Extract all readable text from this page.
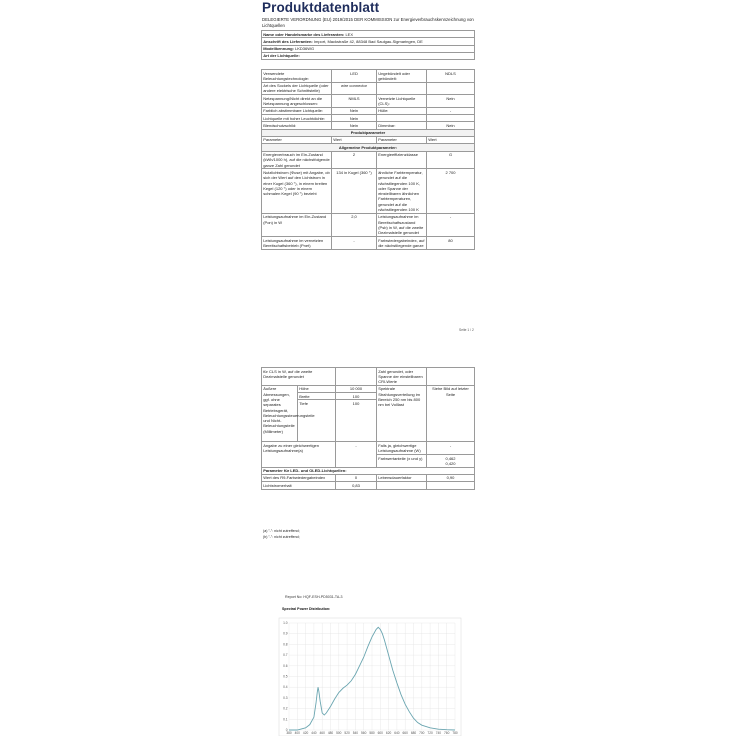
Produktdatenblatt
DELEGIERTE VERORDNUNG (EU) 2019/2015 DER KOMMISSION zur Energieverbrauchskennzeichnung von Lichtquellen
Name oder Handelsmarke des Lieferanten: LEX
Anschrift des Lieferanten: Import, Mackstraße 42, 88348 Bad Saulgau-Sigmaringen, DE
Modellkennung: LKD36WG
Art der Lichtquelle:
Verwendete Beleuchtungstechnologie:	LED	Ungebündelt oder gebündelt:	NDLS
Art des Sockels der Lichtquelle (oder andere elektrische Schnittstelle)	wire connector		
Netzspannung/Nicht direkt an die Netzspannung angeschlossen:	NMLS	Vernetzte Lichtquelle (CLS):	Nein
Farblich abstimmbare Lichtquelle:	Nein	Hülle:	-
Lichtquelle mit hoher Leuchtdichte:	Nein		
Blendschutzschild:	Nein	Dimmbar:	Nein
Produktparameter			
Parameter	Wert	Parameter	Wert
Allgemeine Produktparameter:			
Energieverbrauch im Ein-Zustand (kWh/1000 h), auf die nächstfolgende ganze Zahl gerundet	2	Energieeffizienzklasse	G
Nutzlichtstrom (Φuse) mit Angabe, ob sich der Wert auf den Lichtstrom in einer Kugel (360 °), in einem breiten Kegel (120 °) oder in einem schmalen Kegel (90 °) bezieht	134 in Kugel (360 °)	ähnliche Farbtemperatur, gerundet auf die nächstliegenden 100 K, oder Spanne der einstellbaren ähnlichen Farbtemperaturen, gerundet auf die nächstliegenden 100 K	2 700
Leistungsaufnahme im Ein-Zustand (Pon) in W	2,0	Leistungsaufnahme im Bereitschaftszustand (Psb) in W, auf die zweite Dezimalstelle gerundet	-
Leistungsaufnahme im vernetzten Bereitschaftsbetrieb (Pnet)	-	Farbwiedergabeindex, auf die nächstliegende ganze	80
Seite 1 / 2
für CLS in W, auf die zweite Dezimalstelle gerundet			Zahl gerundet, oder Spanne der einstellbaren CRI-Werte	
Äußere Abmessungen, ggf. ohne separates Betriebsgerät, Beleuchtungssteuerungsteile und Nicht-Beleuchtungsteile (Millimeter)	Höhe	10 000	Spektrale Strahlungsverteilung im Bereich 250 nm bis 800 nm bei Volllast	Siehe Bild auf letzter Seite
	Breite	100		
	Tiefe	100		
Angabe zu einer gleichwertigen Leistungsaufnahme(a)		-	Falls ja, gleichwertige Leistungsaufnahme (W)	-
			Farbwertanteile (x und y)	0,462
0,420
Parameter für LED- und OLED-Lichtquellen:				
Wert des R9-Farbwiedergabeindex		0	Lebensdauerfaktor	0,90
Lichtstromerhalt		0,83		
(a) "-": nicht zutreffend;
(b) "-": nicht zutreffend;
Report No: HQF-ESH-PD5031-TA-3
Spectral Power Distribution:
0
0.1
0.2
0.3
0.4
0.5
0.6
0.7
0.8
0.9
1.0
380 400 420 440 460 480 500 520 540 560 580 600 620 640 660 680 700 720 740 760 780
